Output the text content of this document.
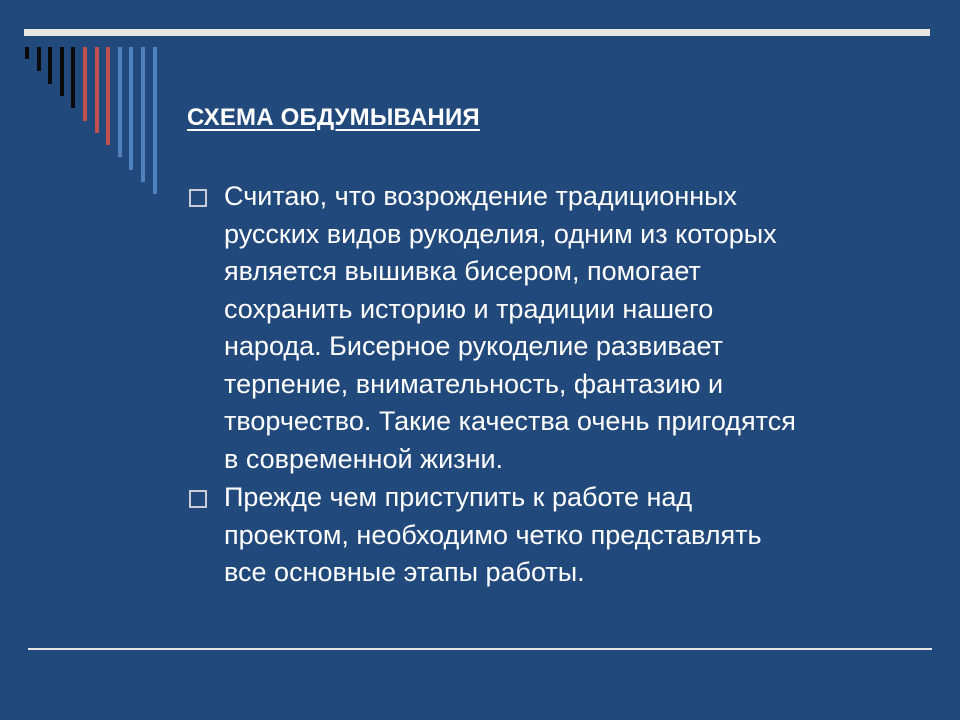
СХЕМА ОБДУМЫВАНИЯ
Считаю, что возрождение традиционных
русских видов рукоделия, одним из которых
является вышивка бисером, помогает
сохранить историю и традиции нашего
народа. Бисерное рукоделие развивает
терпение, внимательность, фантазию и
творчество. Такие качества очень пригодятся
в современной жизни.
Прежде чем приступить к работе над
проектом, необходимо четко представлять
все основные этапы работы.
